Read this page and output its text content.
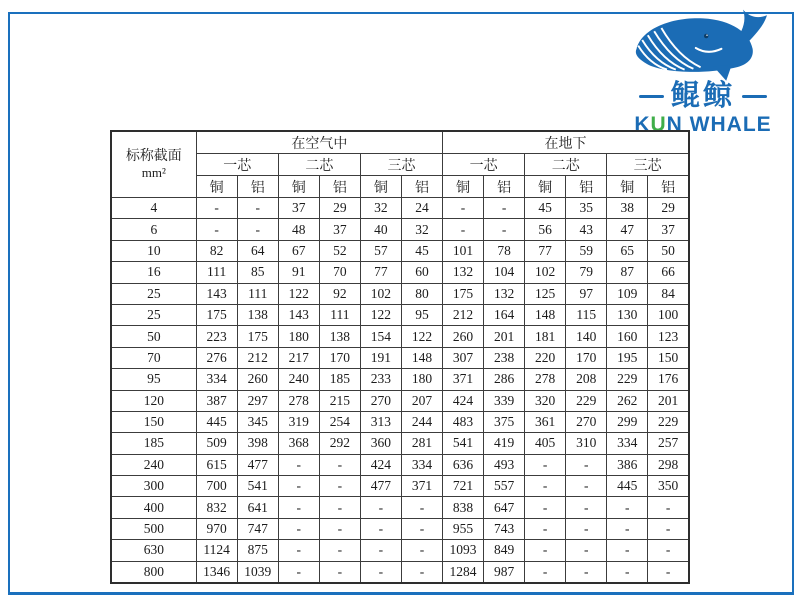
鲲鲸
KUN WHALE
标称截面
mm²	在空气中						在地下					
	一芯		二芯		三芯		一芯		二芯		三芯	
	铜	铝	铜	铝	铜	铝	铜	铝	铜	铝	铜	铝
4	-	-	37	29	32	24	-	-	45	35	38	29
6	-	-	48	37	40	32	-	-	56	43	47	37
10	82	64	67	52	57	45	101	78	77	59	65	50
16	111	85	91	70	77	60	132	104	102	79	87	66
25	143	111	122	92	102	80	175	132	125	97	109	84
25	175	138	143	111	122	95	212	164	148	115	130	100
50	223	175	180	138	154	122	260	201	181	140	160	123
70	276	212	217	170	191	148	307	238	220	170	195	150
95	334	260	240	185	233	180	371	286	278	208	229	176
120	387	297	278	215	270	207	424	339	320	229	262	201
150	445	345	319	254	313	244	483	375	361	270	299	229
185	509	398	368	292	360	281	541	419	405	310	334	257
240	615	477	-	-	424	334	636	493	-	-	386	298
300	700	541	-	-	477	371	721	557	-	-	445	350
400	832	641	-	-	-	-	838	647	-	-	-	-
500	970	747	-	-	-	-	955	743	-	-	-	-
630	1124	875	-	-	-	-	1093	849	-	-	-	-
800	1346	1039	-	-	-	-	1284	987	-	-	-	-
